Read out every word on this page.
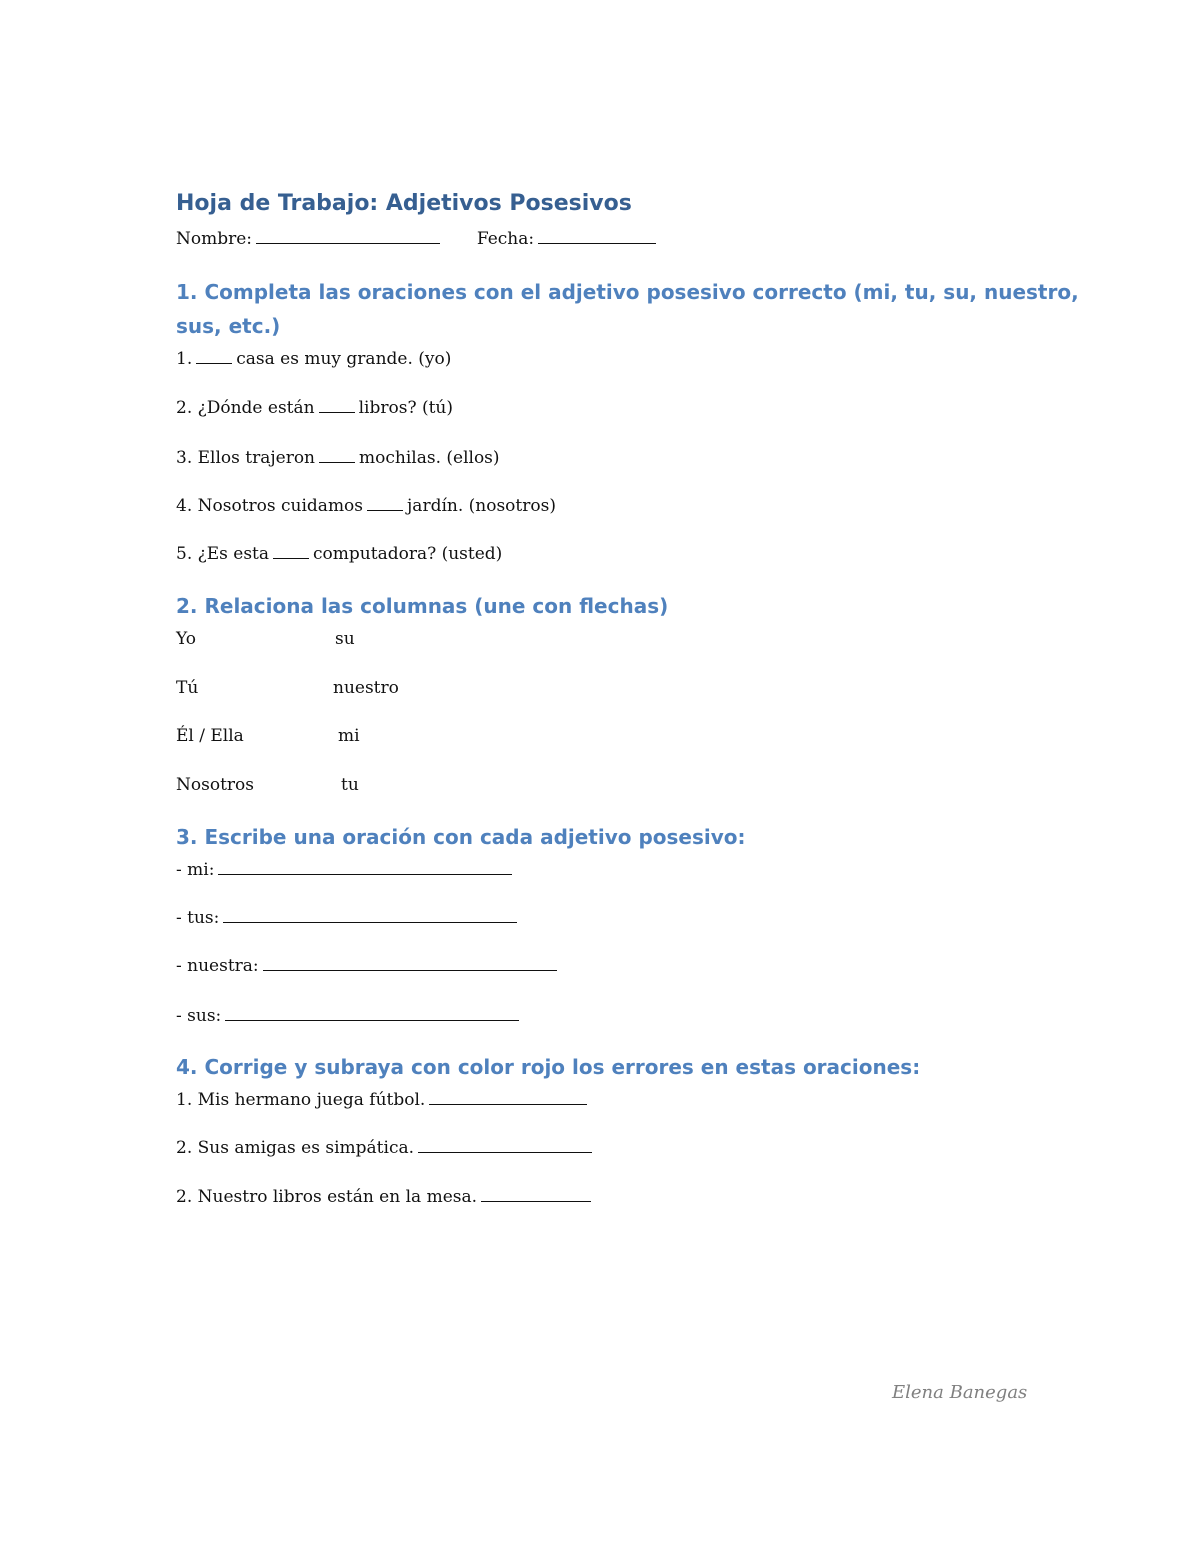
Hoja de Trabajo: Adjetivos Posesivos
Nombre:	Fecha:
1. Completa las oraciones con el adjetivo posesivo correcto (mi, tu, su, nuestro,
sus, etc.)
1.	casa es muy grande. (yo)
2. ¿Dónde están	libros? (tú)
3. Ellos trajeron	mochilas. (ellos)
4. Nosotros cuidamos	jardín. (nosotros)
5. ¿Es esta	computadora? (usted)
2. Relaciona las columnas (une con flechas)
Yo	su
Tú	nuestro
Él / Ella	mi
Nosotros	tu
3. Escribe una oración con cada adjetivo posesivo:
- mi:
- tus:
- nuestra:
- sus:
4. Corrige y subraya con color rojo los errores en estas oraciones:
1. Mis hermano juega fútbol.
2. Sus amigas es simpática.
2. Nuestro libros están en la mesa.
Elena Banegas
